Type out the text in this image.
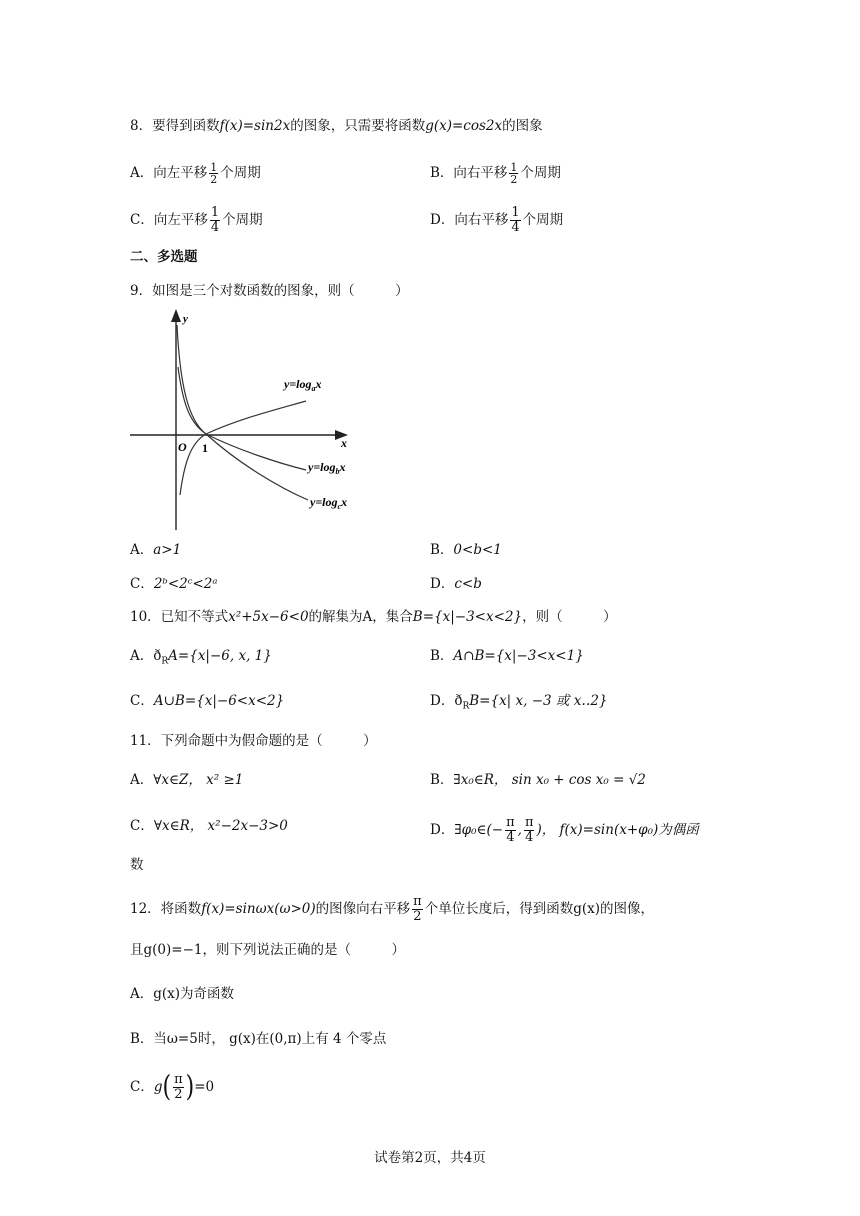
8．要得到函数f(x)=sin2x的图象，只需要将函数g(x)=cos2x的图象
A．向左平移 $\frac{1}{2}$ 个周期	B．向右平移 $\frac{1}{2}$ 个周期
C．向左平移 $\frac{1}{4}$ 个周期	D．向右平移 $\frac{1}{4}$ 个周期
二、多选题
9．如图是三个对数函数的图象，则（　　　）
y
x
O 1
$y=\log_ax$
$y=\log_bx$
$y=\log_cx$
A．a>1	B．0<b<1
C．2ᵇ<2ᶜ<2ᵃ	D．c<b
10．已知不等式x²+5x−6<0的解集为A，集合B={x|−3<x<2}，则（　　　）
A．$ð_RA=\{x|-6$, x, 1}	B．A∩B={x|−3<x<1}
C．A∪B={x|−6<x<2}	D．$ð_RB=\{x|$ x, −3 或 x‥2}
11．下列命题中为假命题的是（　　　）
A．∀x∈Z， x² ≥1	B．∃x₀∈R， sin x₀ + cos x₀ = √2
C．∀x∈R， x²−2x−3>0	D．∃φ₀∈(− $\frac{\pi}{4}$ , $\frac{\pi}{4}$ )， f(x)=sin(x+φ₀)为偶函
数
12．将函数f(x)=sinωx(ω>0)的图像向右平移 $\frac{\pi}{2}$ 个单位长度后，得到函数g(x)的图像，
且g(0)=−1，则下列说法正确的是（　　　）
A．g(x)为奇函数
B．当ω=5时， g(x)在(0,π)上有 4 个零点
C．$g( \frac{\pi}{2} )=0$
试卷第2页，共4页
